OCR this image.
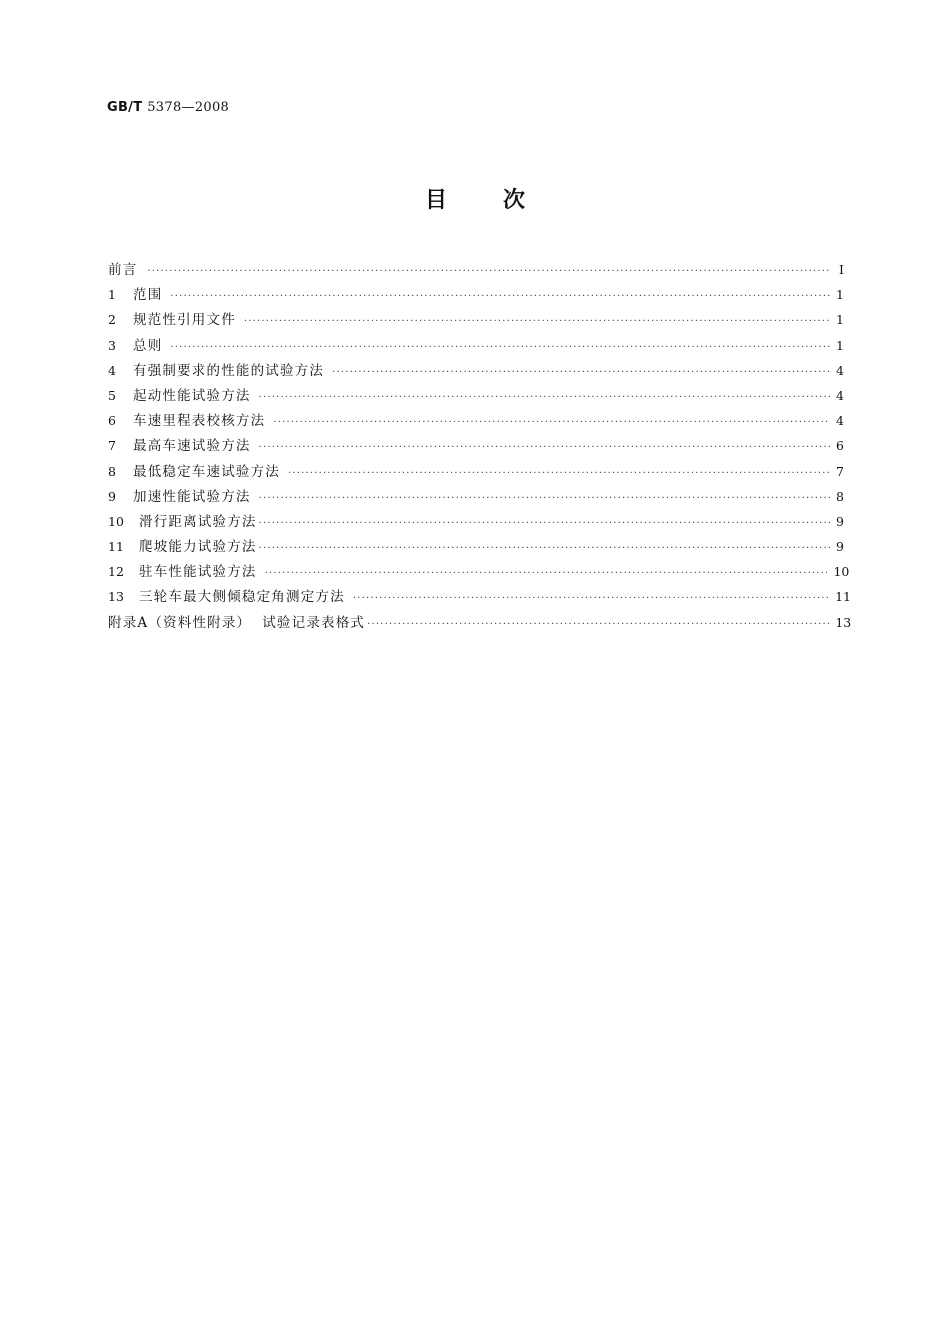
GB/T 5378—2008
目	次
前言 ·····	Ⅰ
1	范围 ·····	1
2	规范性引用文件 ·····	1
3	总则 ·····	1
4	有强制要求的性能的试验方法 ·····	4
5	起动性能试验方法 ·····	4
6	车速里程表校核方法 ·····	4
7	最高车速试验方法 ·····	6
8	最低稳定车速试验方法 ·····	7
9	加速性能试验方法 ·····	8
10	滑行距离试验方法 ·····	9
11	爬坡能力试验方法 ·····	9
12	驻车性能试验方法 ·····	10
13	三轮车最大侧倾稳定角测定方法 ·····	11
附录A（资料性附录）  试验记录表格式 ·····	13
